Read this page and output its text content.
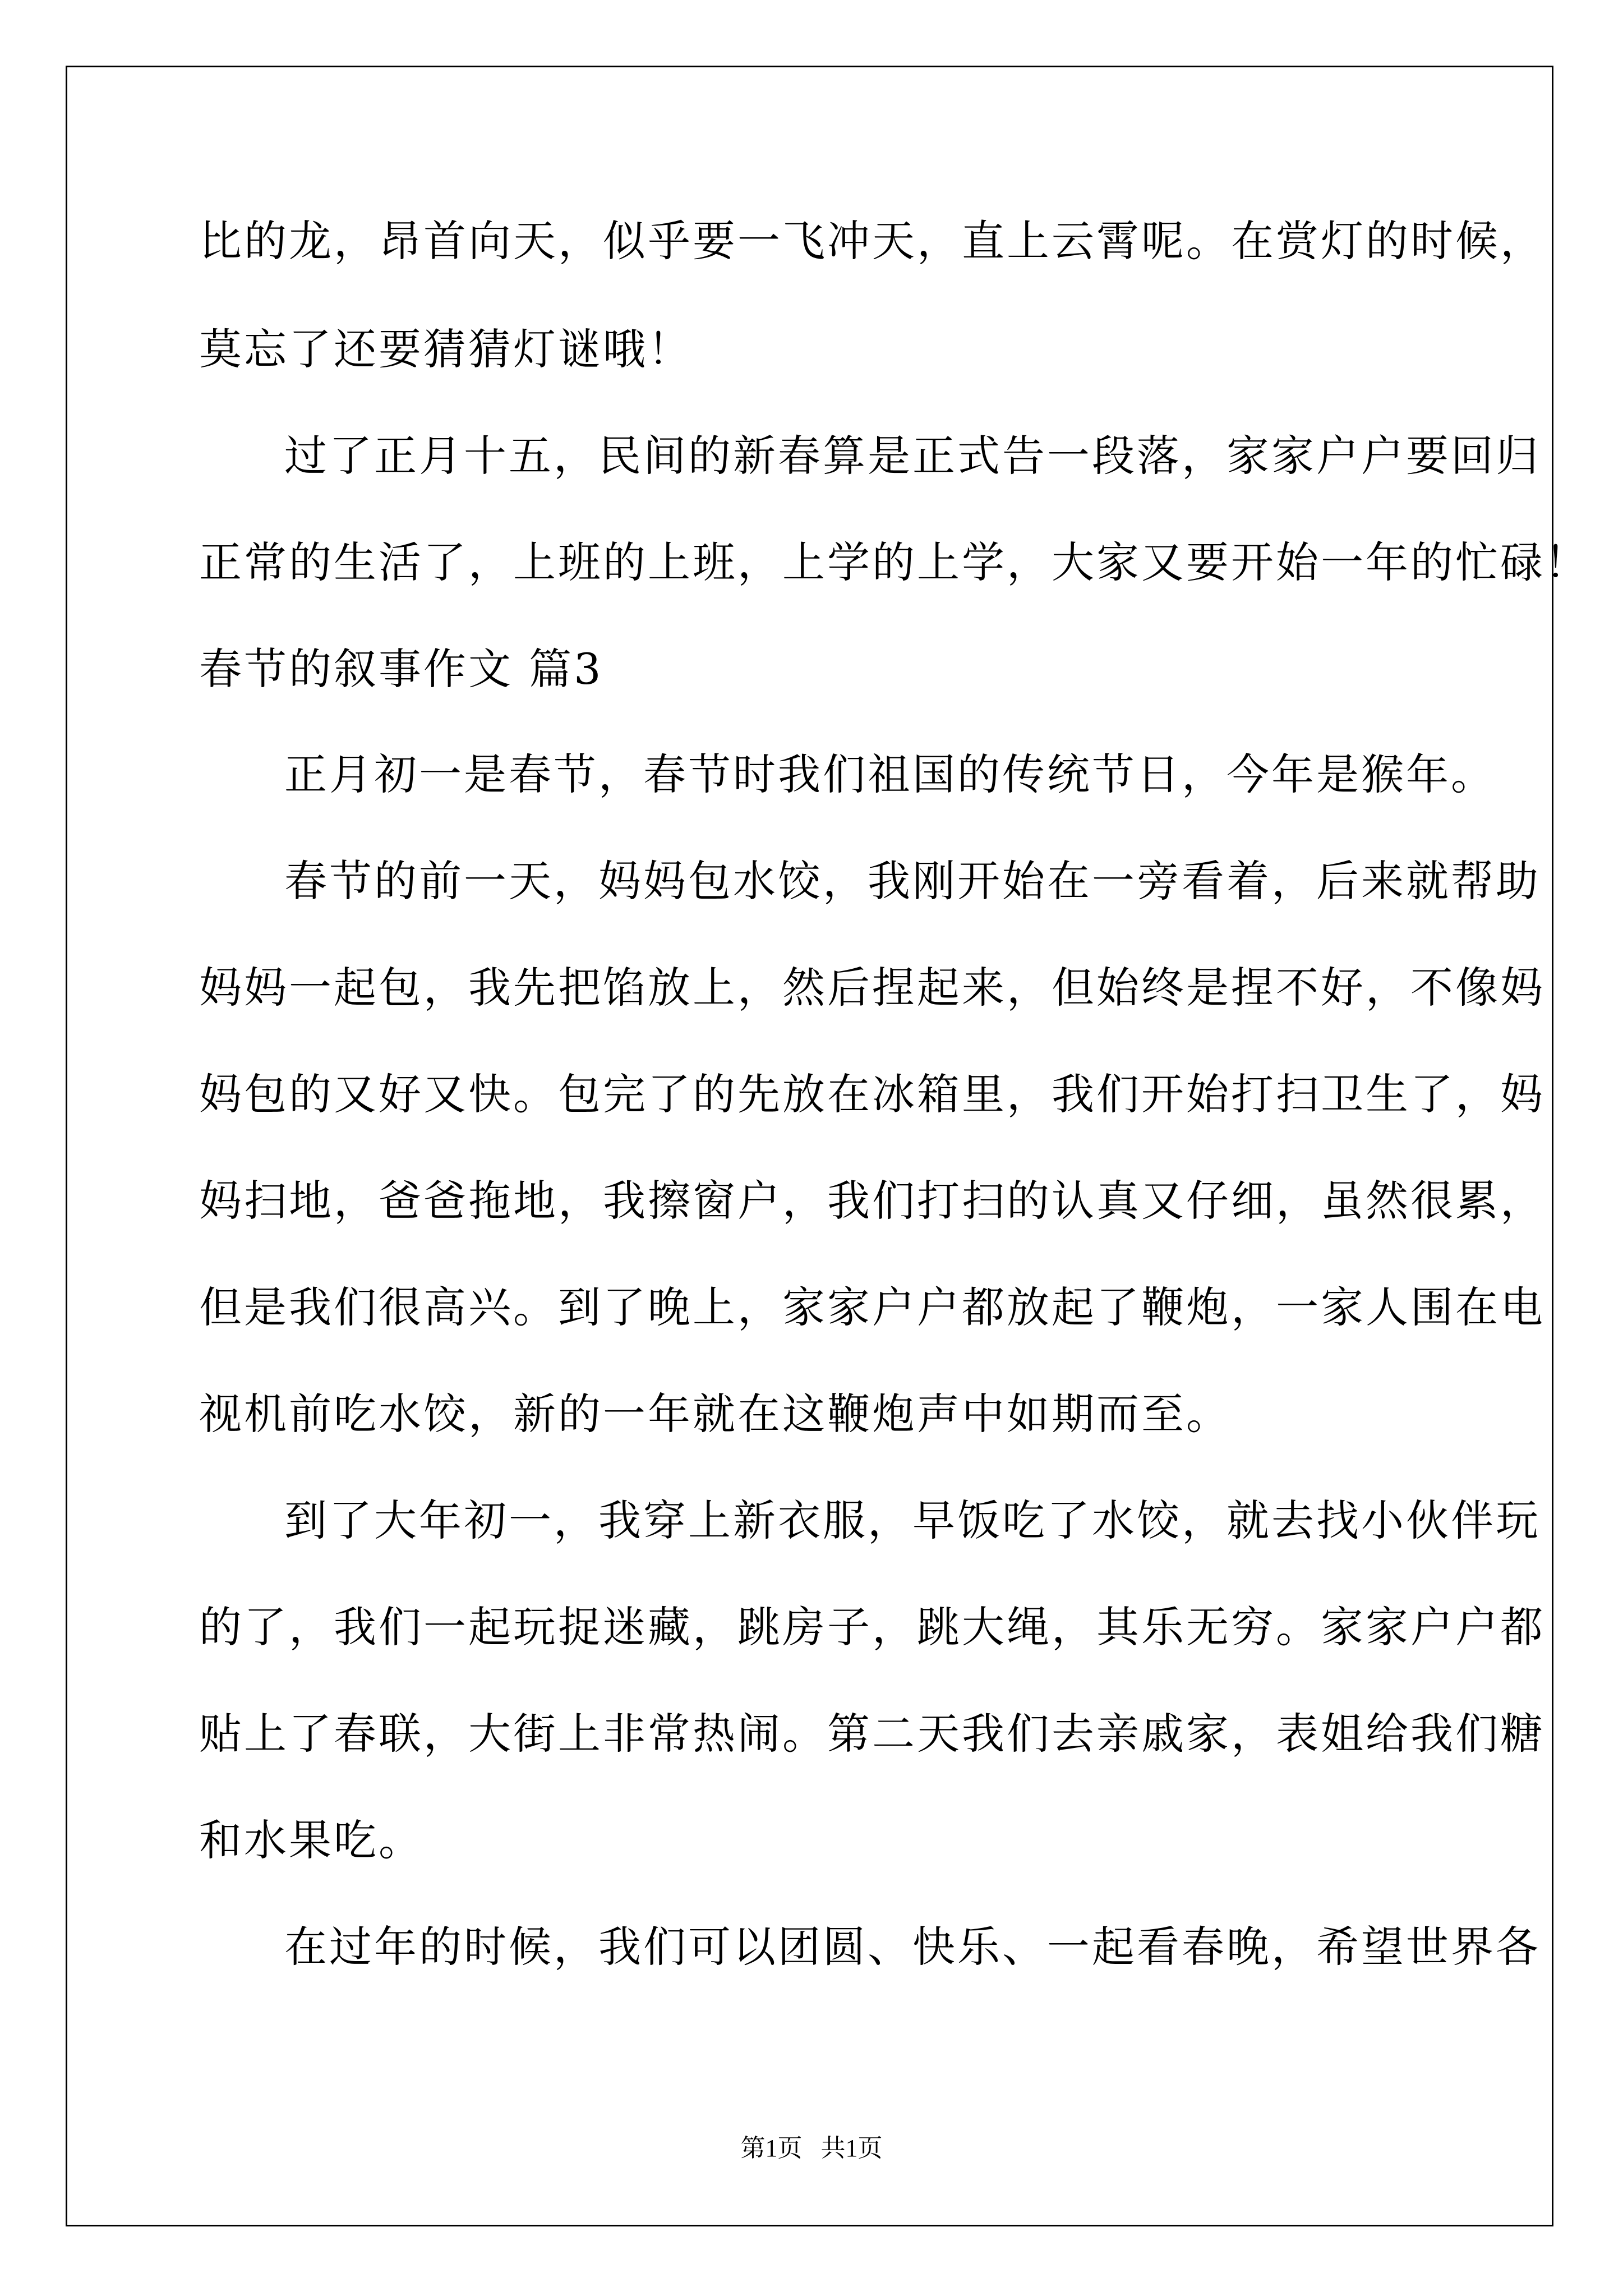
比的龙，昂首向天，似乎要一飞冲天，直上云霄呢。在赏灯的时候，
莫忘了还要猜猜灯谜哦！
过了正月十五，民间的新春算是正式告一段落，家家户户要回归
正常的生活了，上班的上班，上学的上学，大家又要开始一年的忙碌！
春节的叙事作文 篇3
正月初一是春节，春节时我们祖国的传统节日，今年是猴年。
春节的前一天，妈妈包水饺，我刚开始在一旁看着，后来就帮助
妈妈一起包，我先把馅放上，然后捏起来，但始终是捏不好，不像妈
妈包的又好又快。包完了的先放在冰箱里，我们开始打扫卫生了，妈
妈扫地，爸爸拖地，我擦窗户，我们打扫的认真又仔细，虽然很累，
但是我们很高兴。到了晚上，家家户户都放起了鞭炮，一家人围在电
视机前吃水饺，新的一年就在这鞭炮声中如期而至。
到了大年初一，我穿上新衣服，早饭吃了水饺，就去找小伙伴玩
的了，我们一起玩捉迷藏，跳房子，跳大绳，其乐无穷。家家户户都
贴上了春联，大街上非常热闹。第二天我们去亲戚家，表姐给我们糖
和水果吃。
在过年的时候，我们可以团圆、快乐、一起看春晚，希望世界各
第1页 共1页
